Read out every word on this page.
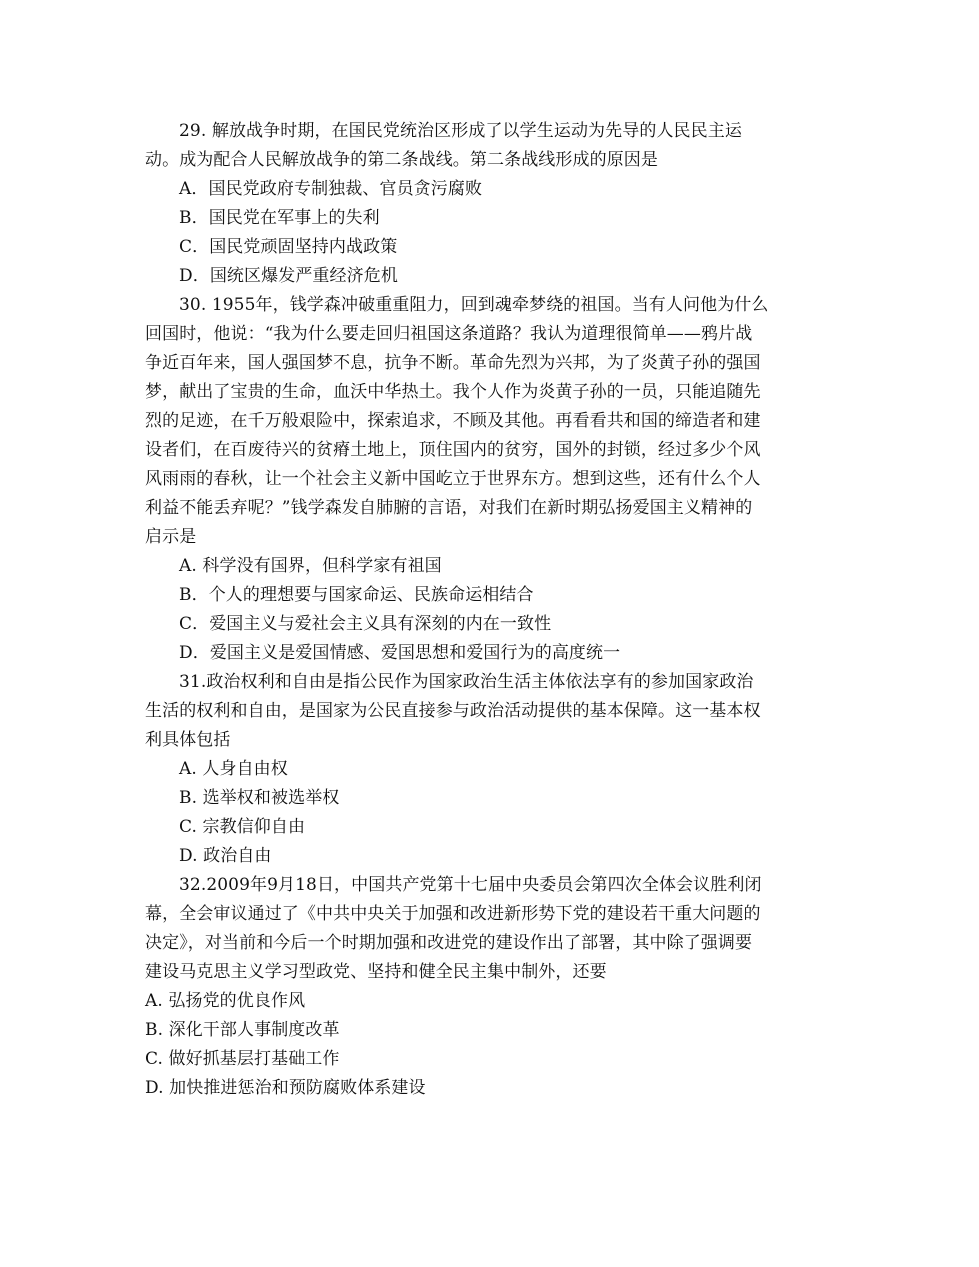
29. 解放战争时期，在国民党统治区形成了以学生运动为先导的人民民主运
动。成为配合人民解放战争的第二条战线。第二条战线形成的原因是
A．国民党政府专制独裁、官员贪污腐败
B．国民党在军事上的失利
C．国民党顽固坚持内战政策
D．国统区爆发严重经济危机
30. 1955年，钱学森冲破重重阻力，回到魂牵梦绕的祖国。当有人问他为什么
回国时，他说：“我为什么要走回归祖国这条道路？我认为道理很简单——鸦片战
争近百年来，国人强国梦不息，抗争不断。革命先烈为兴邦，为了炎黄子孙的强国
梦，献出了宝贵的生命，血沃中华热土。我个人作为炎黄子孙的一员，只能追随先
烈的足迹，在千万般艰险中，探索追求，不顾及其他。再看看共和国的缔造者和建
设者们，在百废待兴的贫瘠土地上，顶住国内的贫穷，国外的封锁，经过多少个风
风雨雨的春秋，让一个社会主义新中国屹立于世界东方。想到这些，还有什么个人
利益不能丢弃呢？”钱学森发自肺腑的言语，对我们在新时期弘扬爱国主义精神的
启示是
A. 科学没有国界，但科学家有祖国
B．个人的理想要与国家命运、民族命运相结合
C．爱国主义与爱社会主义具有深刻的内在一致性
D．爱国主义是爱国情感、爱国思想和爱国行为的高度统一
31.政治权利和自由是指公民作为国家政治生活主体依法享有的参加国家政治
生活的权利和自由，是国家为公民直接参与政治活动提供的基本保障。这一基本权
利具体包括
A. 人身自由权
B. 选举权和被选举权
C. 宗教信仰自由
D. 政治自由
32.2009年9月18日，中国共产党第十七届中央委员会第四次全体会议胜利闭
幕，全会审议通过了《中共中央关于加强和改进新形势下党的建设若干重大问题的
决定》，对当前和今后一个时期加强和改进党的建设作出了部署，其中除了强调要
建设马克思主义学习型政党、坚持和健全民主集中制外，还要
A. 弘扬党的优良作风
B. 深化干部人事制度改革
C. 做好抓基层打基础工作
D. 加快推进惩治和预防腐败体系建设
